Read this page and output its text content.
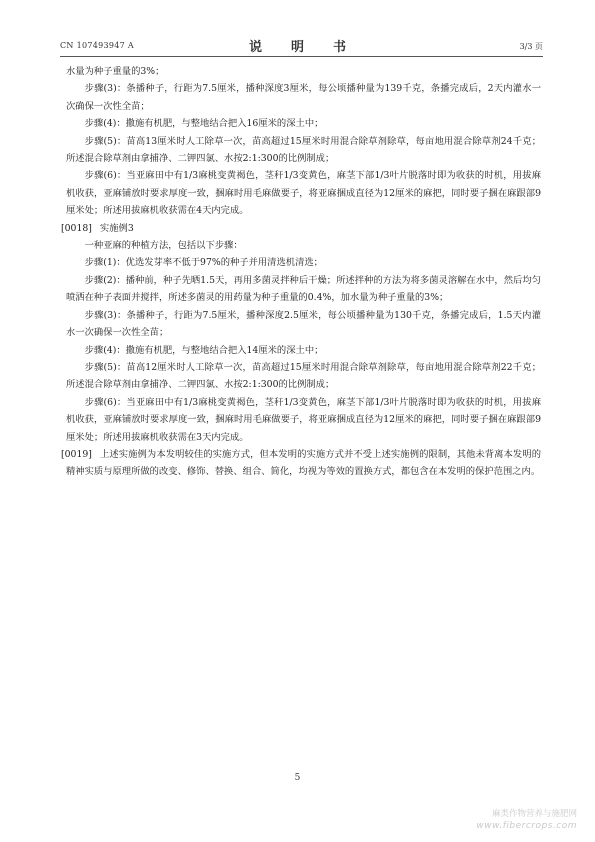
CN 107493947 A	说　明　书	3/3 页

水量为种子重量的3%；

步骤(3)：条播种子，行距为7.5厘米，播种深度3厘米，每公顷播种量为139千克，条播完成后，2天内灌水一次确保一次性全苗；

步骤(4)：撒施有机肥，与整地结合把入16厘米的深土中；

步骤(5)：苗高13厘米时人工除草一次，苗高超过15厘米时用混合除草剂除草，每亩地用混合除草剂24千克；所述混合除草剂由拿捕净、二钾四氯、水按2:1:300的比例制成；

步骤(6)：当亚麻田中有1/3麻桃变黄褐色，茎秆1/3变黄色，麻茎下部1/3叶片脱落时即为收获的时机，用拔麻机收获，亚麻铺放时要求厚度一致，捆麻时用毛麻做要子，将亚麻捆成直径为12厘米的麻把，同时要子捆在麻跟部9厘米处；所述用拔麻机收获需在4天内完成。

[0018] 实施例3

一种亚麻的种植方法，包括以下步骤：

步骤(1)：优选发芽率不低于97%的种子并用清选机清选；

步骤(2)：播种前，种子先晒1.5天，再用多菌灵拌种后干燥；所述拌种的方法为将多菌灵溶解在水中，然后均匀喷洒在种子表面并搅拌，所述多菌灵的用药量为种子重量的0.4%，加水量为种子重量的3%；

步骤(3)：条播种子，行距为7.5厘米，播种深度2.5厘米，每公顷播种量为130千克，条播完成后，1.5天内灌水一次确保一次性全苗；

步骤(4)：撒施有机肥，与整地结合把入14厘米的深土中；

步骤(5)：苗高12厘米时人工除草一次，苗高超过15厘米时用混合除草剂除草，每亩地用混合除草剂22千克；所述混合除草剂由拿捕净、二钾四氯、水按2:1:300的比例制成；

步骤(6)：当亚麻田中有1/3麻桃变黄褐色，茎秆1/3变黄色，麻茎下部1/3叶片脱落时即为收获的时机，用拔麻机收获，亚麻铺放时要求厚度一致，捆麻时用毛麻做要子，将亚麻捆成直径为12厘米的麻把，同时要子捆在麻跟部9厘米处；所述用拔麻机收获需在3天内完成。

[0019] 上述实施例为本发明较佳的实施方式，但本发明的实施方式并不受上述实施例的限制，其他未背离本发明的精神实质与原理所做的改变、修饰、替换、组合、简化，均视为等效的置换方式，都包含在本发明的保护范围之内。

5
麻类作物营养与施肥网
www.fibercrops.com
